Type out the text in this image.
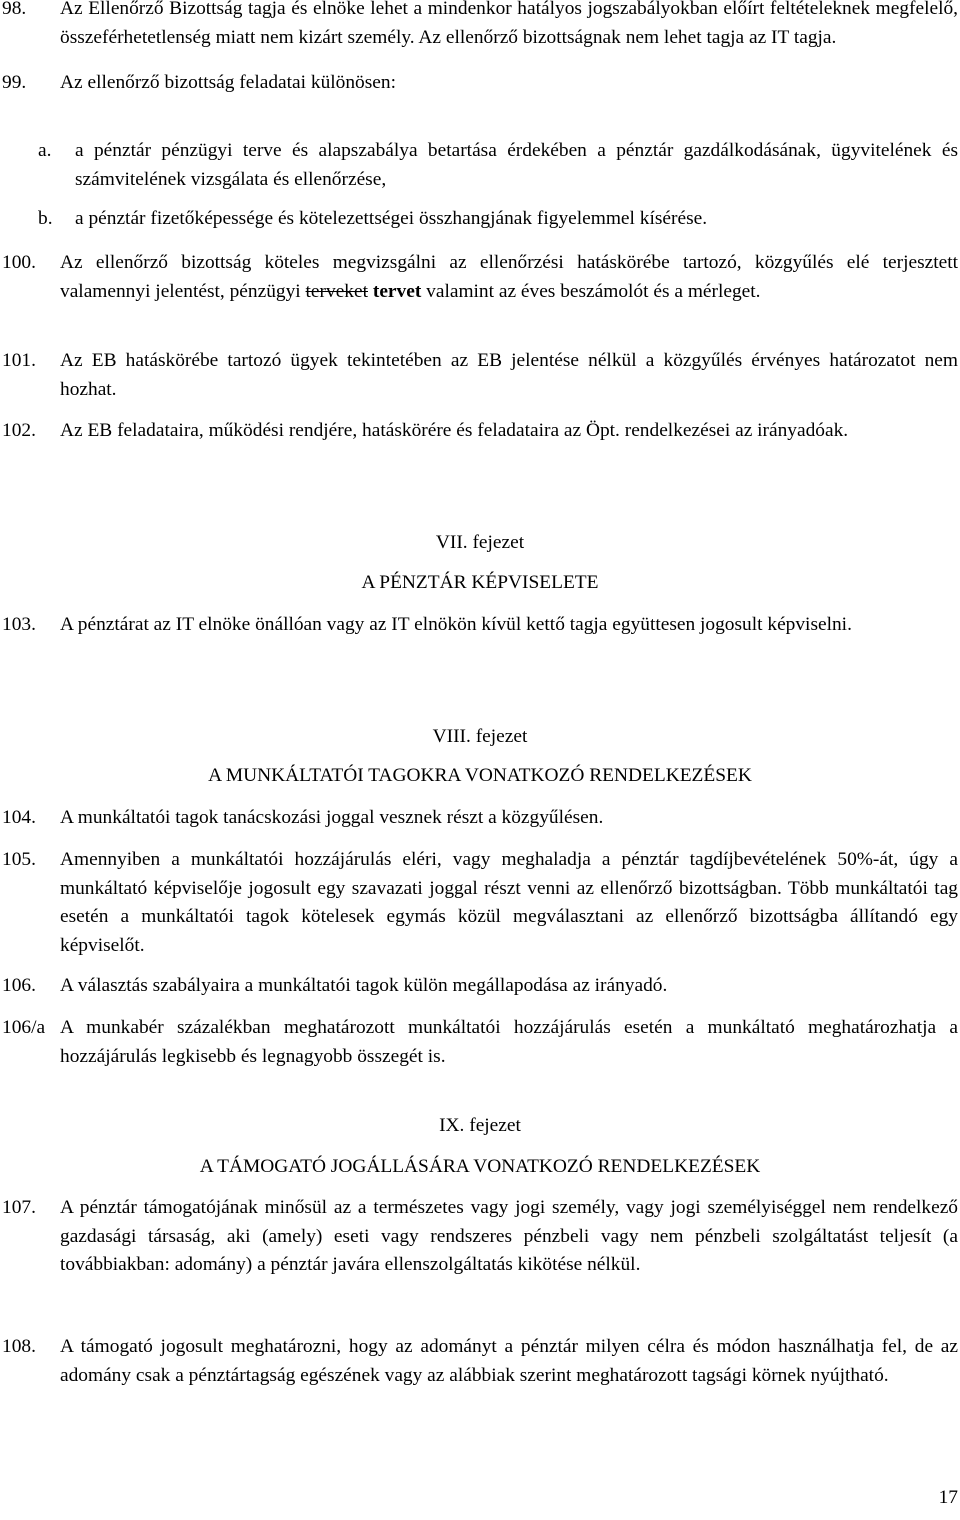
98.	Az Ellenőrző Bizottság tagja és elnöke lehet a mindenkor hatályos jogszabályokban előírt feltételeknek megfelelő, összeférhetetlenség miatt nem kizárt személy. Az ellenőrző bizottságnak nem lehet tagja az IT tagja.
99.	Az ellenőrző bizottság feladatai különösen:
a.	a pénztár pénzügyi terve és alapszabálya betartása érdekében a pénztár gazdálkodásának, ügyvitelének és számvitelének vizsgálata és ellenőrzése,
b.	a pénztár fizetőképessége és kötelezettségei összhangjának figyelemmel kísérése.
100.	Az ellenőrző bizottság köteles megvizsgálni az ellenőrzési hatáskörébe tartozó, közgyűlés elé terjesztett valamennyi jelentést, pénzügyi terveket tervet valamint az éves beszámolót és a mérleget.
101.	Az EB hatáskörébe tartozó ügyek tekintetében az EB jelentése nélkül a közgyűlés érvényes határozatot nem hozhat.
102.	Az EB feladataira, működési rendjére, hatáskörére és feladataira az Öpt. rendelkezései az irányadóak.
VII. fejezet
A PÉNZTÁR KÉPVISELETE
103.	A pénztárat az IT elnöke önállóan vagy az IT elnökön kívül kettő tagja együttesen jogosult képviselni.
VIII. fejezet
A MUNKÁLTATÓI TAGOKRA VONATKOZÓ RENDELKEZÉSEK
104.	A munkáltatói tagok tanácskozási joggal vesznek részt a közgyűlésen.
105.	Amennyiben a munkáltatói hozzájárulás eléri, vagy meghaladja a pénztár tagdíjbevételének 50%-át, úgy a munkáltató képviselője jogosult egy szavazati joggal részt venni az ellenőrző bizottságban. Több munkáltatói tag esetén a munkáltatói tagok kötelesek egymás közül megválasztani az ellenőrző bizottságba állítandó egy képviselőt.
106.	A választás szabályaira a munkáltatói tagok külön megállapodása az irányadó.
106/a A munkabér százalékban meghatározott munkáltatói hozzájárulás esetén a munkáltató meghatározhatja a hozzájárulás legkisebb és legnagyobb összegét is.
IX. fejezet
A TÁMOGATÓ JOGÁLLÁSÁRA VONATKOZÓ RENDELKEZÉSEK
107.	A pénztár támogatójának minősül az a természetes vagy jogi személy, vagy jogi személyiséggel nem rendelkező gazdasági társaság, aki (amely) eseti vagy rendszeres pénzbeli vagy nem pénzbeli szolgáltatást teljesít (a továbbiakban: adomány) a pénztár javára ellenszolgáltatás kikötése nélkül.
108.	A támogató jogosult meghatározni, hogy az adományt a pénztár milyen célra és módon használhatja fel, de az adomány csak a pénztártagság egészének vagy az alábbiak szerint meghatározott tagsági körnek nyújtható.
17
